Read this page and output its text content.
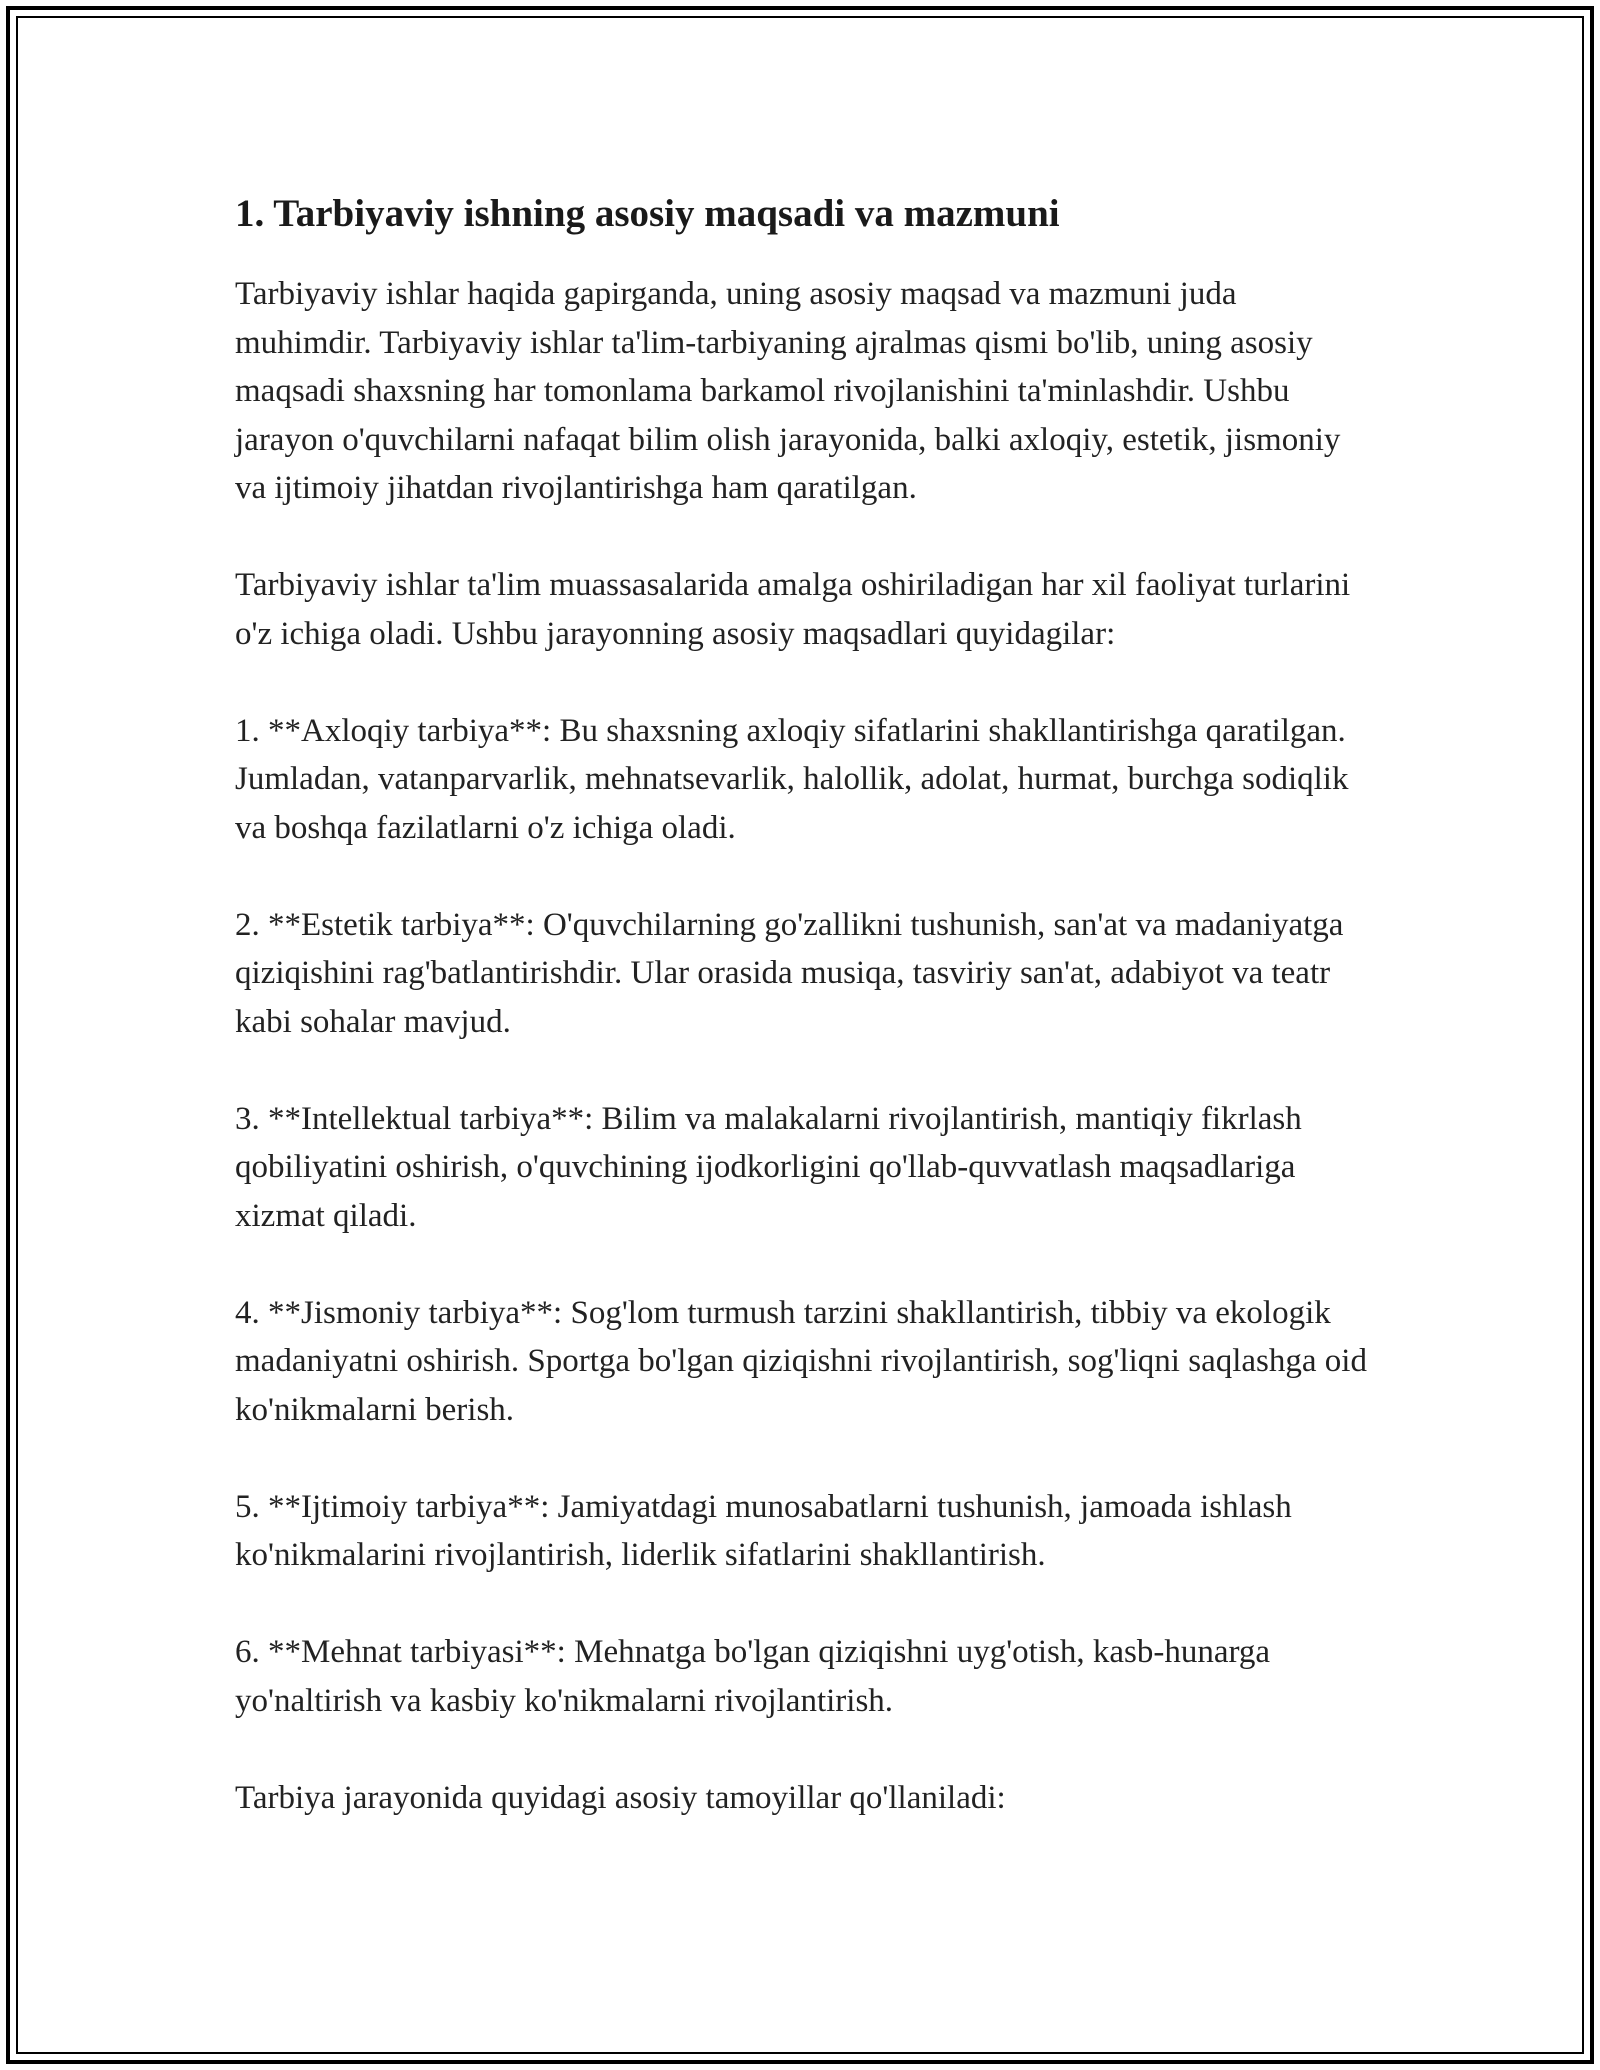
1. Tarbiyaviy ishning asosiy maqsadi va mazmuni

Tarbiyaviy ishlar haqida gapirganda, uning asosiy maqsad va mazmuni juda muhimdir. Tarbiyaviy ishlar ta'lim-tarbiyaning ajralmas qismi bo'lib, uning asosiy maqsadi shaxsning har tomonlama barkamol rivojlanishini ta'minlashdir. Ushbu jarayon o'quvchilarni nafaqat bilim olish jarayonida, balki axloqiy, estetik, jismoniy va ijtimoiy jihatdan rivojlantirishga ham qaratilgan.

Tarbiyaviy ishlar ta'lim muassasalarida amalga oshiriladigan har xil faoliyat turlarini o'z ichiga oladi. Ushbu jarayonning asosiy maqsadlari quyidagilar:

1. **Axloqiy tarbiya**: Bu shaxsning axloqiy sifatlarini shakllantirishga qaratilgan. Jumladan, vatanparvarlik, mehnatsevarlik, halollik, adolat, hurmat, burchga sodiqlik va boshqa fazilatlarni o'z ichiga oladi.

2. **Estetik tarbiya**: O'quvchilarning go'zallikni tushunish, san'at va madaniyatga qiziqishini rag'batlantirishdir. Ular orasida musiqa, tasviriy san'at, adabiyot va teatr kabi sohalar mavjud.

3. **Intellektual tarbiya**: Bilim va malakalarni rivojlantirish, mantiqiy fikrlash qobiliyatini oshirish, o'quvchining ijodkorligini qo'llab-quvvatlash maqsadlariga xizmat qiladi.

4. **Jismoniy tarbiya**: Sog'lom turmush tarzini shakllantirish, tibbiy va ekologik madaniyatni oshirish. Sportga bo'lgan qiziqishni rivojlantirish, sog'liqni saqlashga oid ko'nikmalarni berish.

5. **Ijtimoiy tarbiya**: Jamiyatdagi munosabatlarni tushunish, jamoada ishlash ko'nikmalarini rivojlantirish, liderlik sifatlarini shakllantirish.

6. **Mehnat tarbiyasi**: Mehnatga bo'lgan qiziqishni uyg'otish, kasb-hunarga yo'naltirish va kasbiy ko'nikmalarni rivojlantirish.

Tarbiya jarayonida quyidagi asosiy tamoyillar qo'llaniladi:
